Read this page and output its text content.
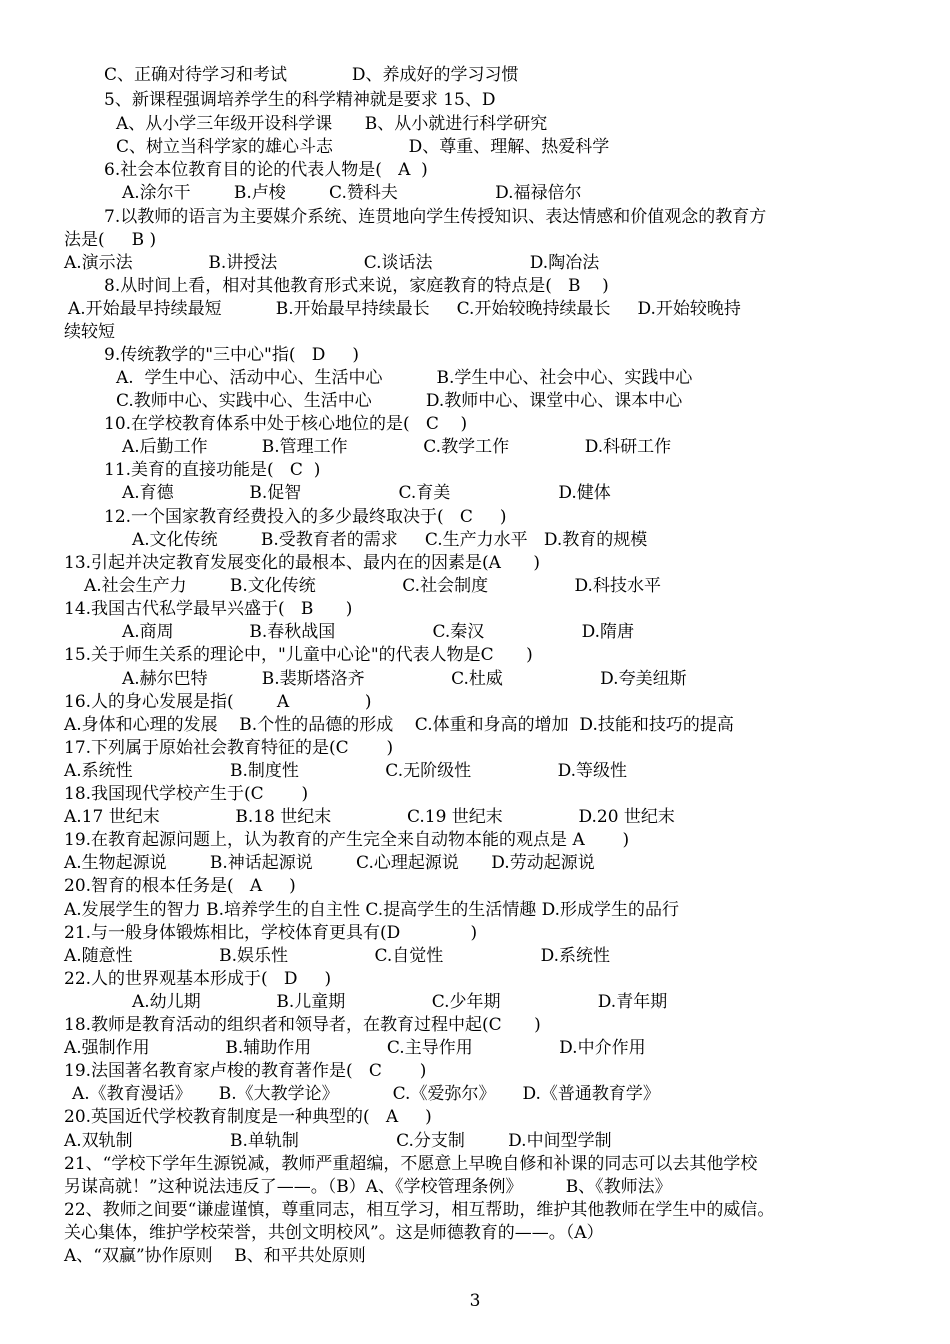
C、正确对待学习和考试            D、养成好的学习习惯
5、新课程强调培养学生的科学精神就是要求 15、D
A、从小学三年级开设科学课      B、从小就进行科学研究
C、树立当科学家的雄心斗志              D、尊重、理解、热爱科学
6.社会本位教育目的论的代表人物是(   A  )
A.涂尔干        B.卢梭        C.赞科夫                  D.福禄倍尔
7.以教师的语言为主要媒介系统、连贯地向学生传授知识、表达情感和价值观念的教育方
法是(     B )
A.演示法              B.讲授法                C.谈话法                  D.陶冶法
8.从时间上看，相对其他教育形式来说，家庭教育的特点是(   B    )
A.开始最早持续最短          B.开始最早持续最长     C.开始较晚持续最长     D.开始较晚持
续较短
9.传统教学的"三中心"指(   D     )
A.  学生中心、活动中心、生活中心          B.学生中心、社会中心、实践中心
C.教师中心、实践中心、生活中心          D.教师中心、课堂中心、课本中心
10.在学校教育体系中处于核心地位的是(   C    )
A.后勤工作          B.管理工作              C.教学工作              D.科研工作
11.美育的直接功能是(   C  )
A.育德              B.促智                  C.育美                    D.健体
12.一个国家教育经费投入的多少最终取决于(   C     )
A.文化传统        B.受教育者的需求     C.生产力水平   D.教育的规模
13.引起并决定教育发展变化的最根本、最内在的因素是(A      )
A.社会生产力        B.文化传统                C.社会制度                D.科技水平
14.我国古代私学最早兴盛于(   B      )
A.商周              B.春秋战国                  C.秦汉                  D.隋唐
15.关于师生关系的理论中，"儿童中心论"的代表人物是C      )
A.赫尔巴特          B.裴斯塔洛齐                C.杜威                  D.夸美纽斯
16.人的身心发展是指(        A              )
A.身体和心理的发展    B.个性的品德的形成    C.体重和身高的增加  D.技能和技巧的提高
17.下列属于原始社会教育特征的是(C       )
A.系统性                  B.制度性                C.无阶级性                D.等级性
18.我国现代学校产生于(C       )
A.17 世纪末              B.18 世纪末              C.19 世纪末              D.20 世纪末
19.在教育起源问题上，认为教育的产生完全来自动物本能的观点是 A       )
A.生物起源说        B.神话起源说        C.心理起源说      D.劳动起源说
20.智育的根本任务是(   A     )
A.发展学生的智力 B.培养学生的自主性 C.提高学生的生活情趣 D.形成学生的品行
21.与一般身体锻炼相比，学校体育更具有(D             )
A.随意性                B.娱乐性                C.自觉性                  D.系统性
22.人的世界观基本形成于(   D     )
A.幼儿期              B.儿童期                C.少年期                  D.青年期
18.教师是教育活动的组织者和领导者，在教育过程中起(C      )
A.强制作用              B.辅助作用              C.主导作用                D.中介作用
19.法国著名教育家卢梭的教育著作是(   C       )
A.《教育漫话》     B.《大教学论》          C.《爱弥尔》     D.《普通教育学》
20.英国近代学校教育制度是一种典型的(   A     )
A.双轨制                  B.单轨制                  C.分支制        D.中间型学制
21、“学校下学年生源锐减，教师严重超编，不愿意上早晚自修和补课的同志可以去其他学校
另谋高就！”这种说法违反了——。（B）A、《学校管理条例》        B、《教师法》
22、教师之间要“谦虚谨慎，尊重同志，相互学习，相互帮助，维护其他教师在学生中的威信。
关心集体，维护学校荣誉，共创文明校风”。这是师德教育的——。（A）
A、“双赢”协作原则    B、和平共处原则
3
